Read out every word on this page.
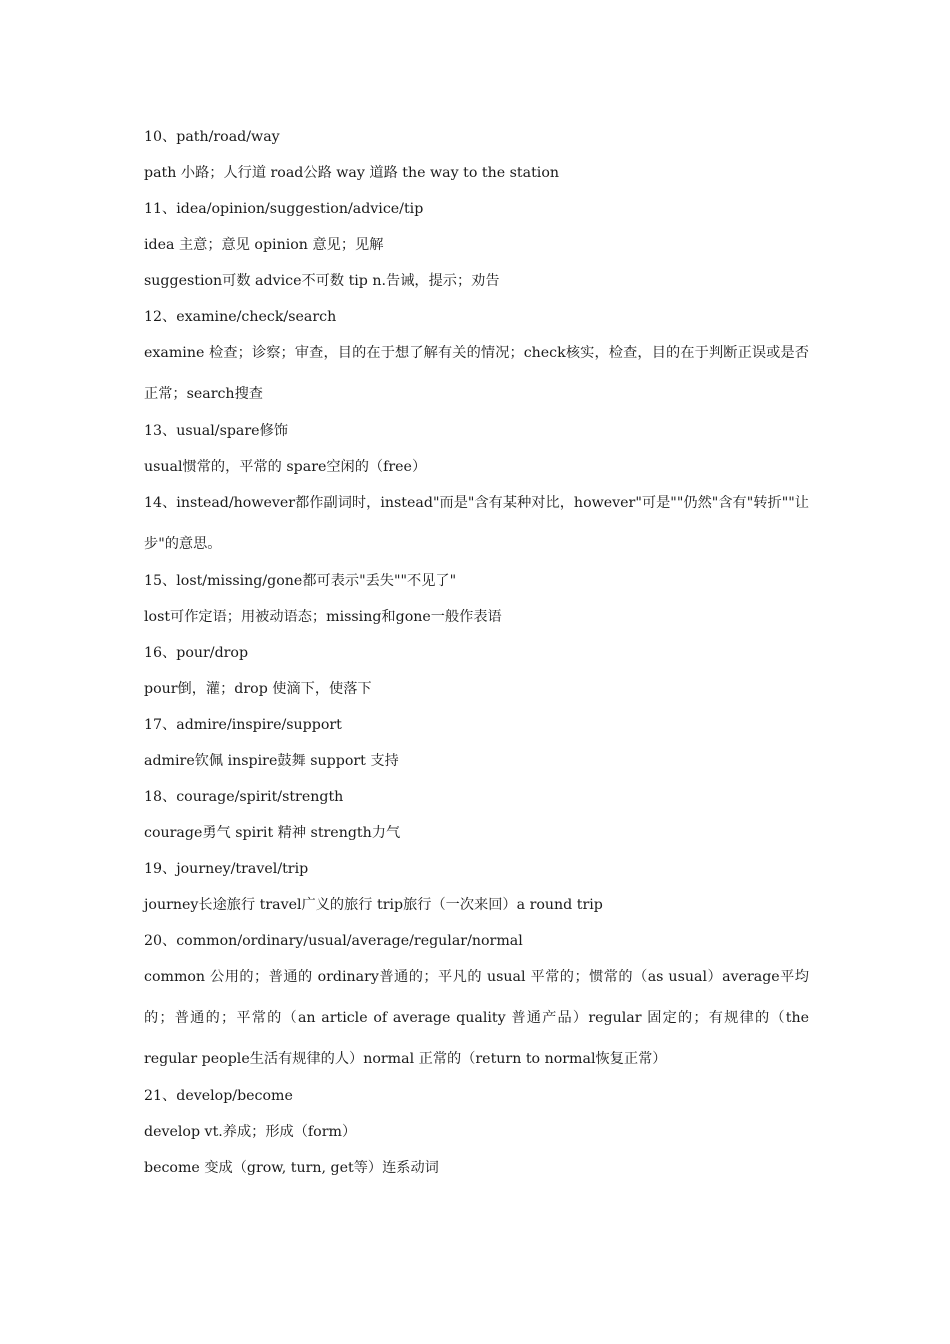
10、path/road/way

path 小路；人行道 road公路 way 道路 the way to the station

11、idea/opinion/suggestion/advice/tip

idea 主意；意见 opinion 意见；见解

suggestion可数 advice不可数 tip n.告诫，提示；劝告

12、examine/check/search

examine 检查；诊察；审查，目的在于想了解有关的情况；check核实，检查，目的在于判断正误或是否正常；search搜查

13、usual/spare修饰

usual惯常的，平常的 spare空闲的（free）

14、instead/however都作副词时，instead"而是"含有某种对比，however"可是""仍然"含有"转折""让步"的意思。

15、lost/missing/gone都可表示"丢失""不见了"

lost可作定语；用被动语态；missing和gone一般作表语

16、pour/drop

pour倒，灌；drop 使滴下，使落下

17、admire/inspire/support

admire钦佩 inspire鼓舞 support 支持

18、courage/spirit/strength

courage勇气 spirit 精神 strength力气

19、journey/travel/trip

journey长途旅行 travel广义的旅行 trip旅行（一次来回）a round trip

20、common/ordinary/usual/average/regular/normal

common 公用的；普通的 ordinary普通的；平凡的 usual 平常的；惯常的（as usual）average平均的；普通的；平常的（an article of average quality 普通产品）regular 固定的；有规律的（the regular people生活有规律的人）normal 正常的（return to normal恢复正常）

21、develop/become

develop vt.养成；形成（form）

become 变成（grow, turn, get等）连系动词
